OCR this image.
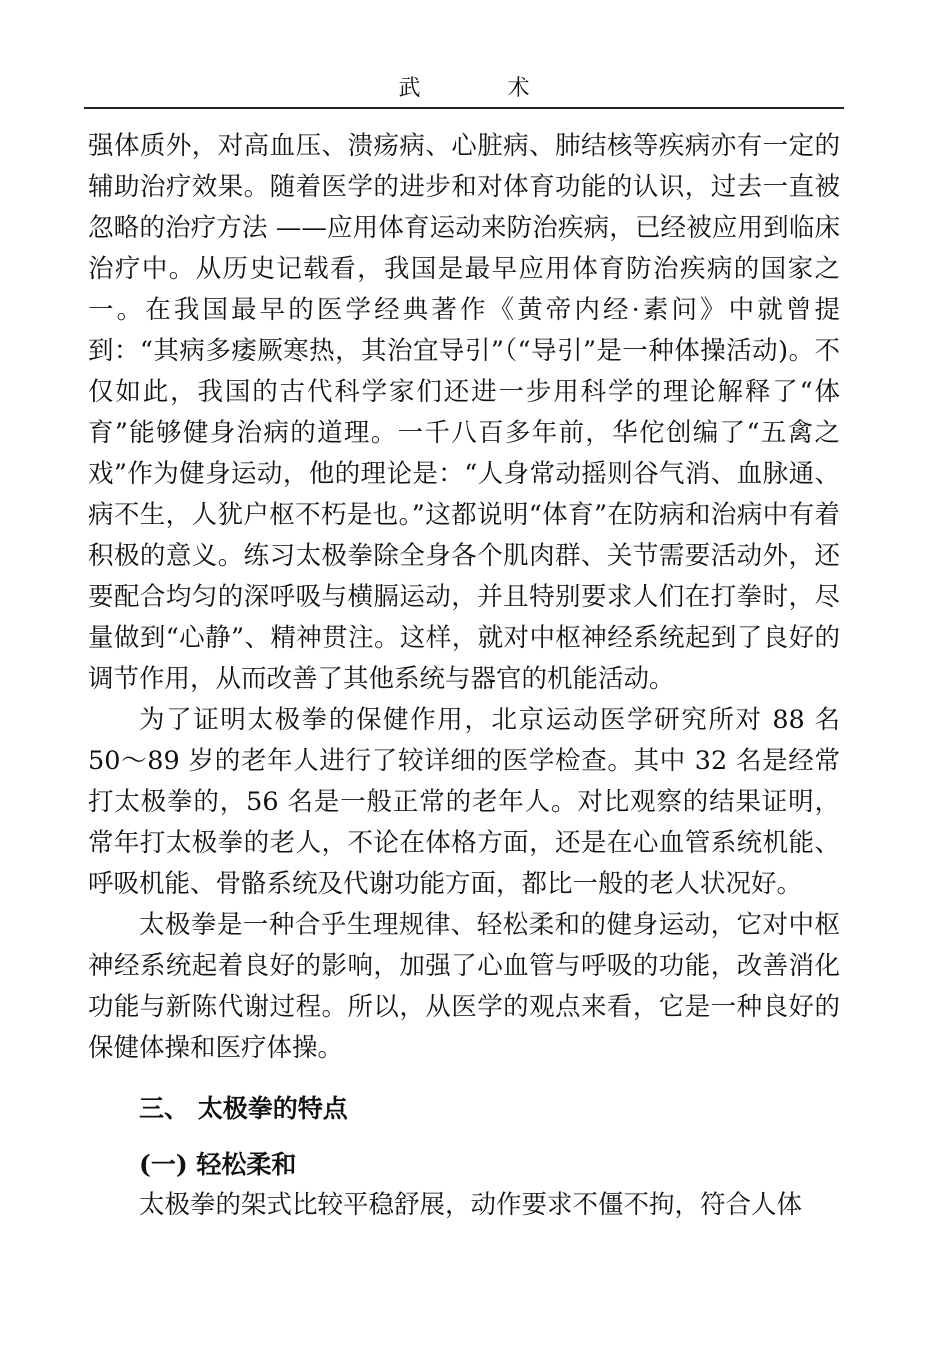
武 术

强体质外，对高血压、溃疡病、心脏病、肺结核等疾病亦有一定的辅助治疗效果。随着医学的进步和对体育功能的认识，过去一直被忽略的治疗方法 ——应用体育运动来防治疾病，已经被应用到临床治疗中。从历史记载看，我国是最早应用体育防治疾病的国家之一。在我国最早的医学经典著作《黄帝内经·素问》中就曾提到：“其病多痿厥寒热，其治宜导引”（“导引”是一种体操活动)。不仅如此，我国的古代科学家们还进一步用科学的理论解释了“体育”能够健身治病的道理。一千八百多年前，华佗创编了“五禽之戏”作为健身运动，他的理论是：“人身常动摇则谷气消、血脉通、病不生，人犹户枢不朽是也。”这都说明“体育”在防病和治病中有着积极的意义。练习太极拳除全身各个肌肉群、关节需要活动外，还要配合均匀的深呼吸与横膈运动，并且特别要求人们在打拳时，尽量做到“心静”、精神贯注。这样，就对中枢神经系统起到了良好的调节作用，从而改善了其他系统与器官的机能活动。

为了证明太极拳的保健作用，北京运动医学研究所对 88 名 50～89 岁的老年人进行了较详细的医学检查。其中 32 名是经常打太极拳的，56 名是一般正常的老年人。对比观察的结果证明，常年打太极拳的老人，不论在体格方面，还是在心血管系统机能、呼吸机能、骨骼系统及代谢功能方面，都比一般的老人状况好。

太极拳是一种合乎生理规律、轻松柔和的健身运动，它对中枢神经系统起着良好的影响，加强了心血管与呼吸的功能，改善消化功能与新陈代谢过程。所以，从医学的观点来看，它是一种良好的保健体操和医疗体操。

三、 太极拳的特点
(一) 轻松柔和

太极拳的架式比较平稳舒展，动作要求不僵不拘，符合人体
